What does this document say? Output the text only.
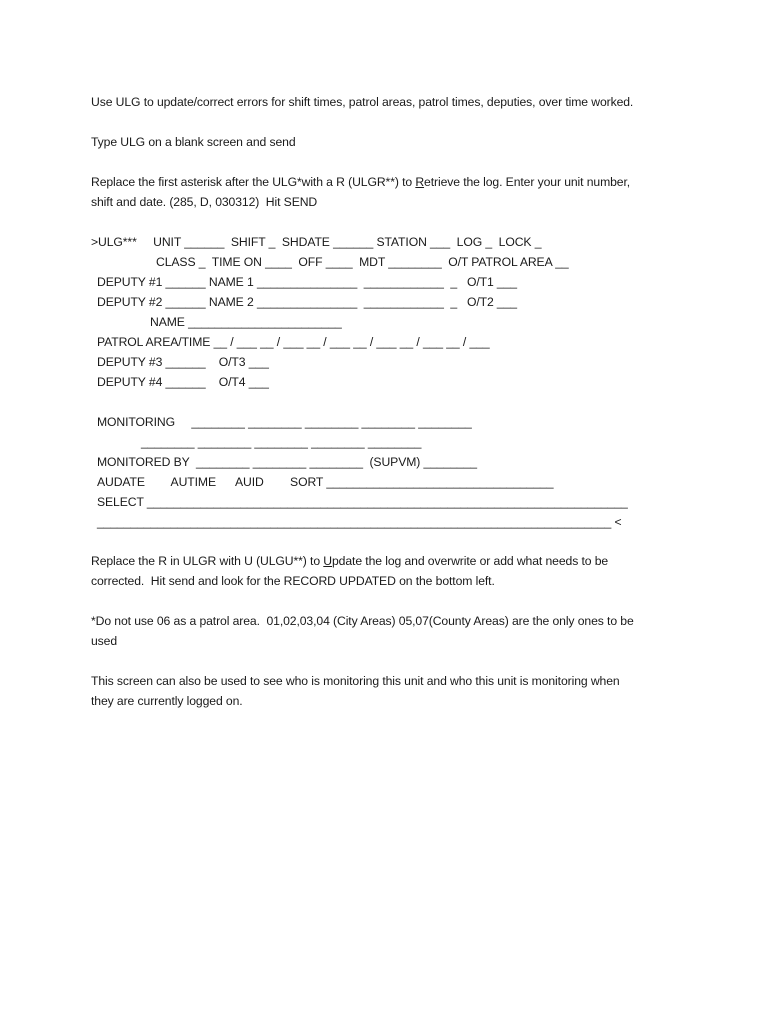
Use ULG to update/correct errors for shift times, patrol areas, patrol times, deputies, over time worked.
Type ULG on a blank screen and send
Replace the first asterisk after the ULG*with a R (ULGR**) to Retrieve the log. Enter your unit number,
shift and date. (285, D, 030312)  Hit SEND
>ULG***     UNIT ______  SHIFT _  SHDATE ______ STATION ___  LOG _  LOCK _
CLASS _  TIME ON ____  OFF ____  MDT ________  O/T PATROL AREA __
DEPUTY #1 ______ NAME 1 _______________  ____________  _   O/T1 ___
DEPUTY #2 ______ NAME 2 _______________  ____________  _   O/T2 ___
NAME _______________________
PATROL AREA/TIME __ / ___ __ / ___ __ / ___ __ / ___ __ / ___ __ / ___
DEPUTY #3 ______    O/T3 ___
DEPUTY #4 ______    O/T4 ___
MONITORING     ________ ________ ________ ________ ________
________ ________ ________ ________ ________
MONITORED BY  ________ ________ ________  (SUPVM) ________
AUDATE        AUTIME      AUID        SORT __________________________________
SELECT ________________________________________________________________________
_____________________________________________________________________________ <
Replace the R in ULGR with U (ULGU**) to Update the log and overwrite or add what needs to be
corrected.  Hit send and look for the RECORD UPDATED on the bottom left.
*Do not use 06 as a patrol area.  01,02,03,04 (City Areas) 05,07(County Areas) are the only ones to be
used
This screen can also be used to see who is monitoring this unit and who this unit is monitoring when
they are currently logged on.
